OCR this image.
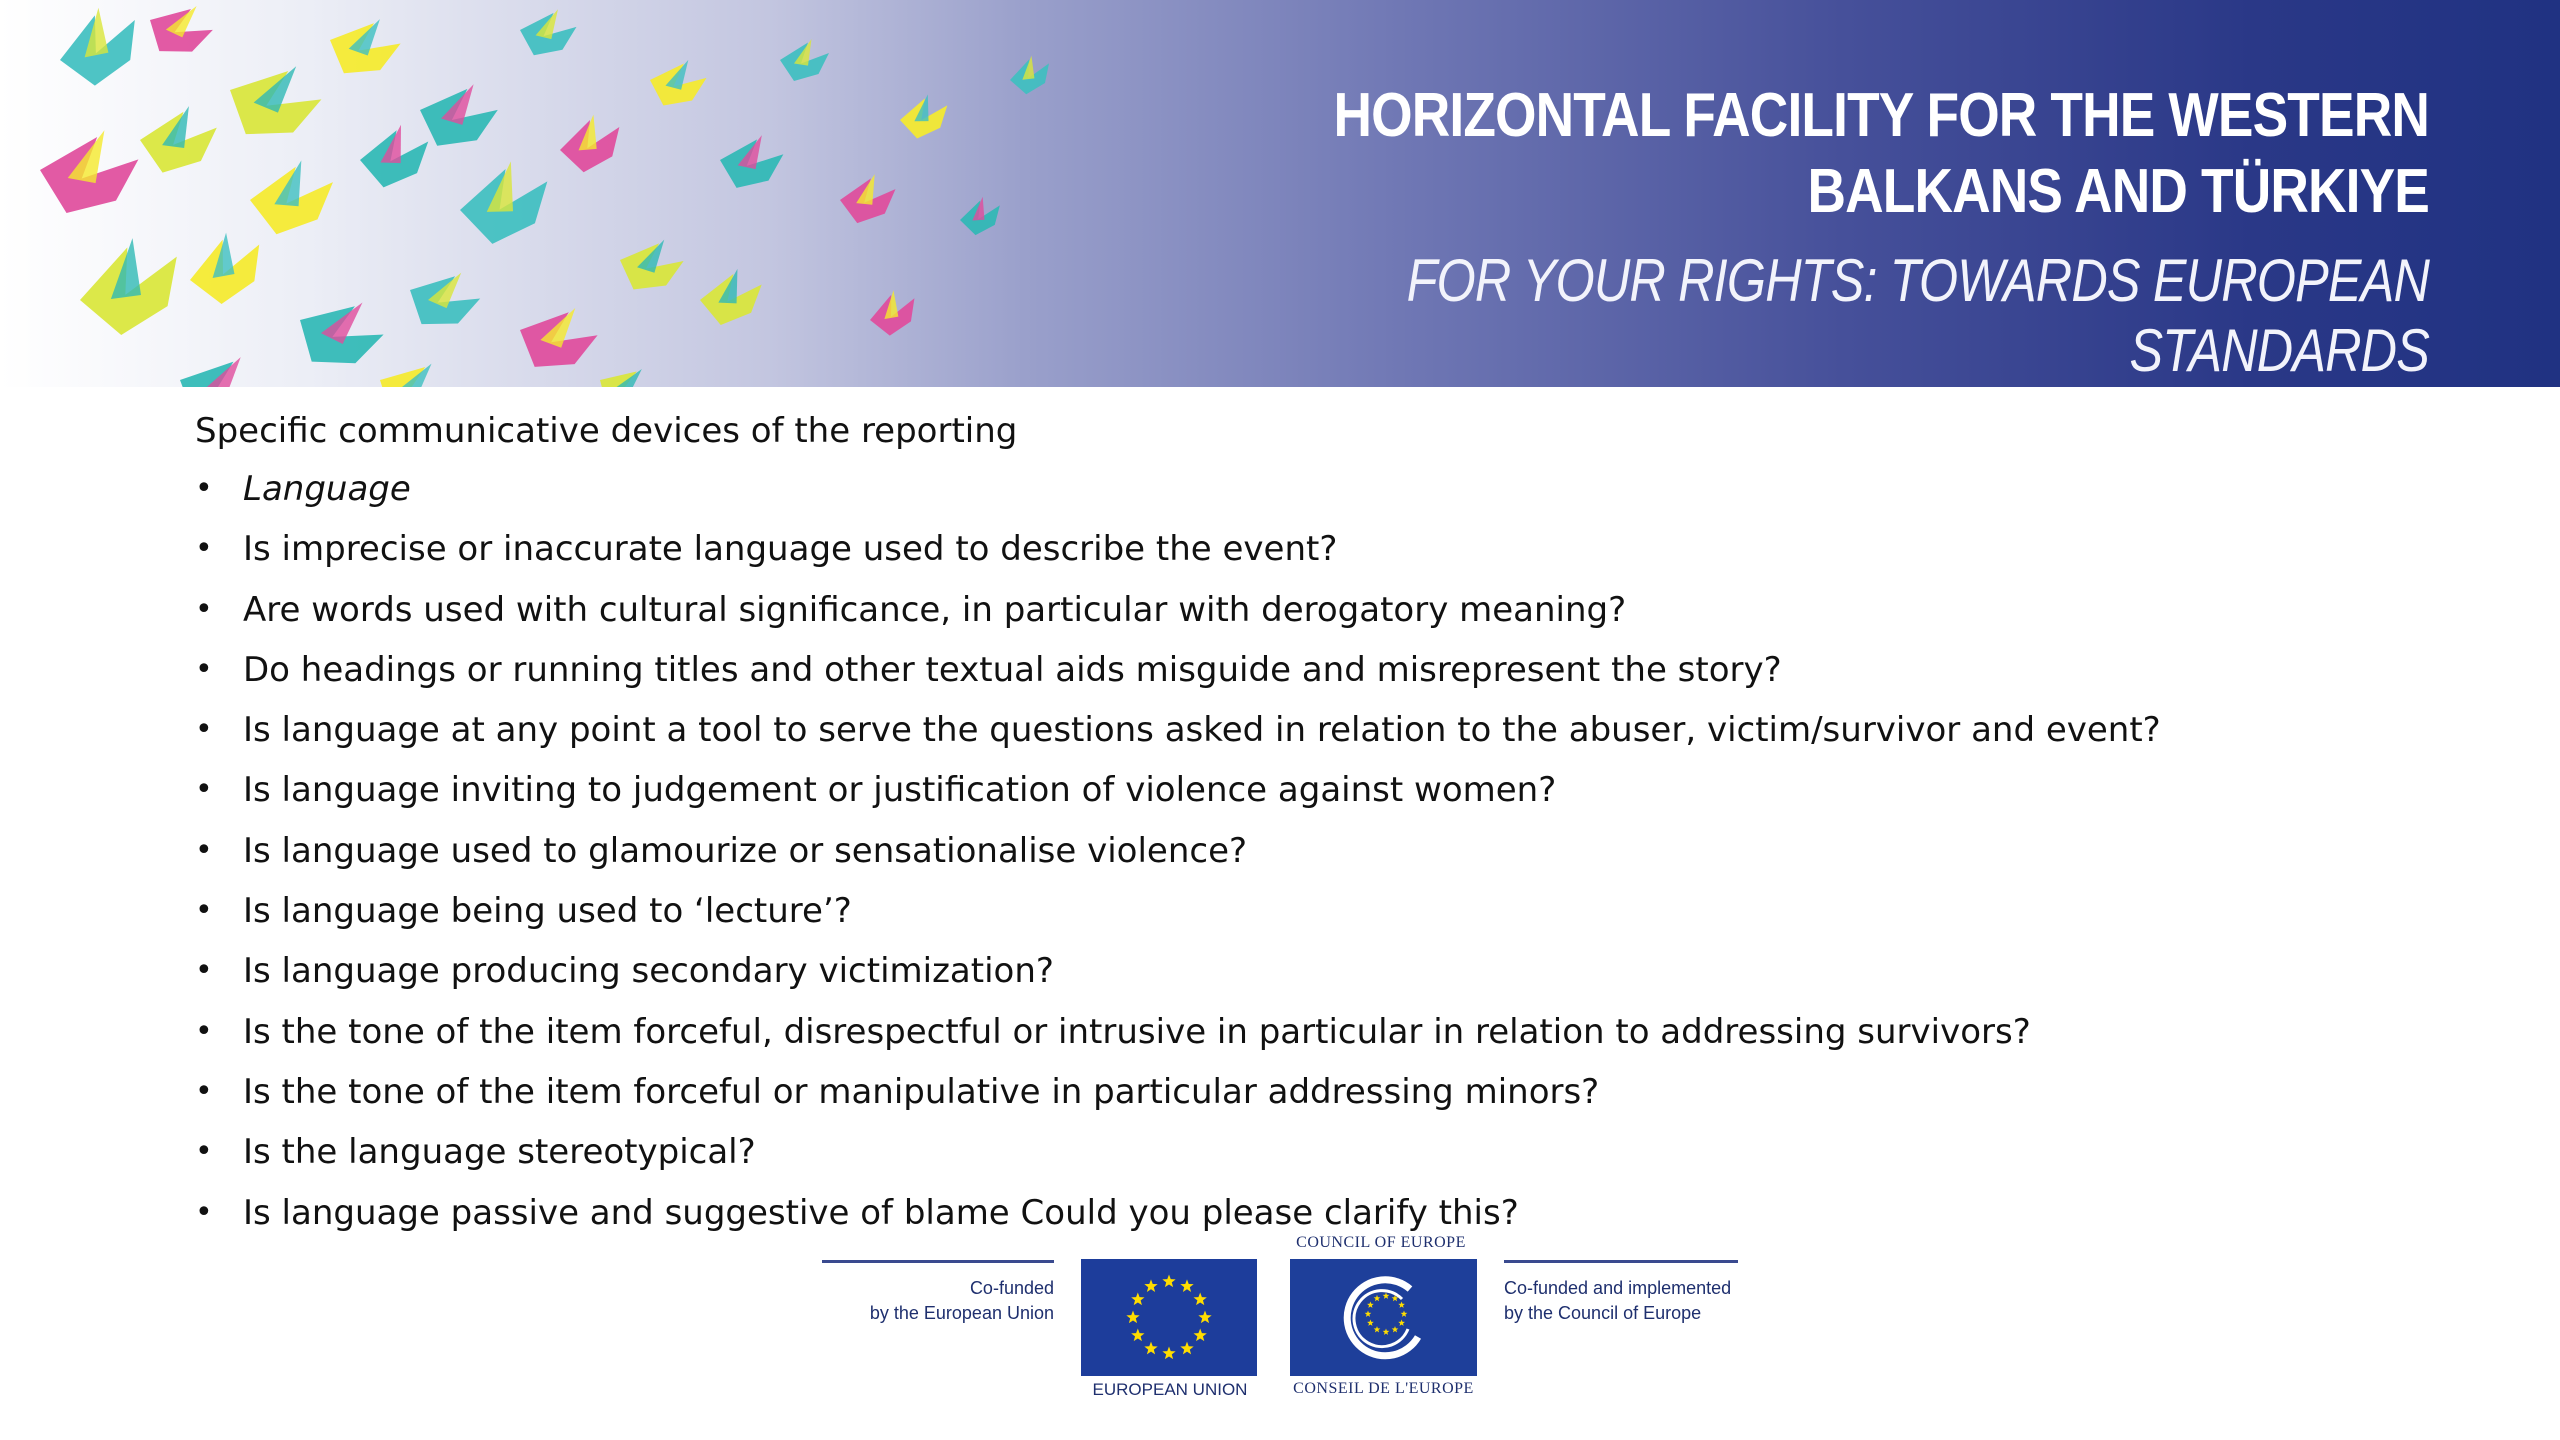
HORIZONTAL FACILITY FOR THE WESTERN
BALKANS AND TÜRKIYE
FOR YOUR RIGHTS: TOWARDS EUROPEAN STANDARDS

Specific communicative devices of the reporting

• Language
• Is imprecise or inaccurate language used to describe the event?
• Are words used with cultural significance, in particular with derogatory meaning?
• Do headings or running titles and other textual aids misguide and misrepresent the story?
• Is language at any point a tool to serve the questions asked in relation to the abuser, victim/survivor and event?
• Is language inviting to judgement or justification of violence against women?
• Is language used to glamourize or sensationalise violence?
• Is language being used to ‘lecture’?
• Is language producing secondary victimization?
• Is the tone of the item forceful, disrespectful or intrusive in particular in relation to addressing survivors?
• Is the tone of the item forceful or manipulative in particular addressing minors?
• Is the language stereotypical?
• Is language passive and suggestive of blame Could you please clarify this?
Co-funded
by the European Union
EUROPEAN UNION
COUNCIL OF EUROPE
CONSEIL DE L'EUROPE
Co-funded and implemented
by the Council of Europe
